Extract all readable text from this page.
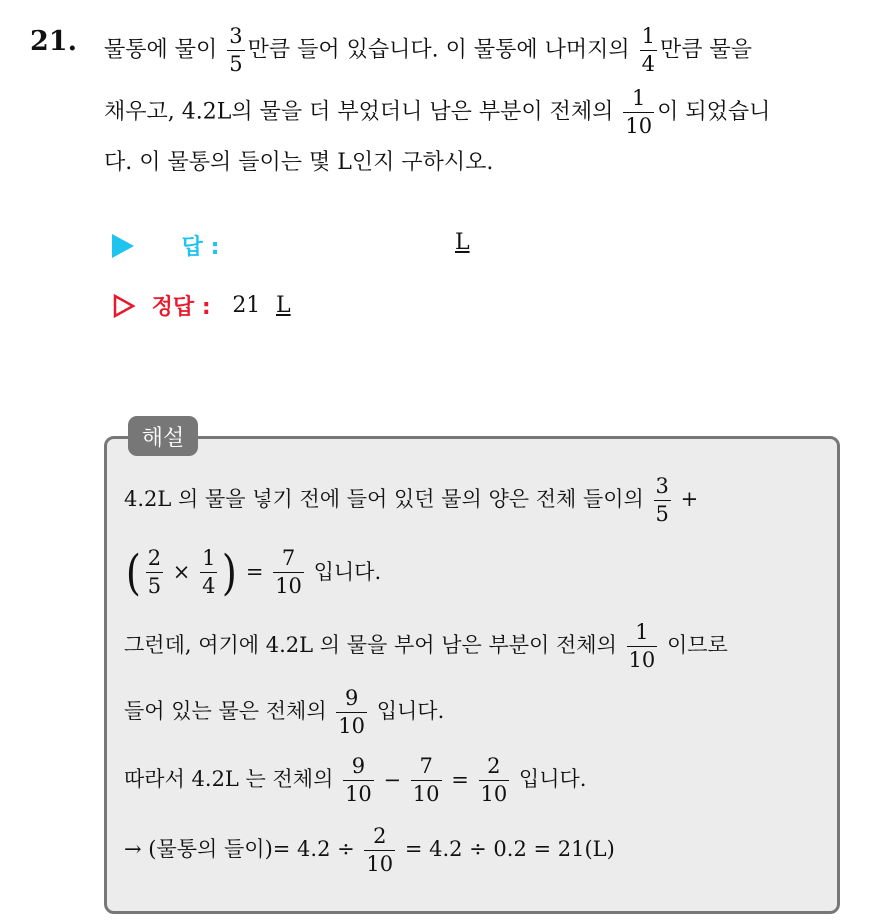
21. 물통에 물이 $\frac{3}{5}$ 만큼 들어 있습니다. 이 물통에 나머지의 $\frac{1}{4}$ 만큼 물을
채우고, 4.2L의 물을 더 부었더니 남은 부분이 전체의 $\frac{1}{10}$ 이 되었습니
다. 이 물통의 들이는 몇 L인지 구하시오.
답 :	L
정답 : 21 L
해설
4.2L 의 물을 넣기 전에 들어 있던 물의 양은 전체 들이의 $\frac{3}{5}$ +
( $\frac{2}{5} \times \frac{1}{4}$ ) = $\frac{7}{10}$ 입니다.
그런데, 여기에 4.2L 의 물을 부어 남은 부분이 전체의 $\frac{1}{10}$ 이므로
들어 있는 물은 전체의 $\frac{9}{10}$ 입니다.
따라서 4.2L 는 전체의 $\frac{9}{10} - \frac{7}{10} = \frac{2}{10}$ 입니다.
→ (물통의 들이)= $4.2 \div \frac{2}{10} = 4.2 \div 0.2 = 21(L)$
